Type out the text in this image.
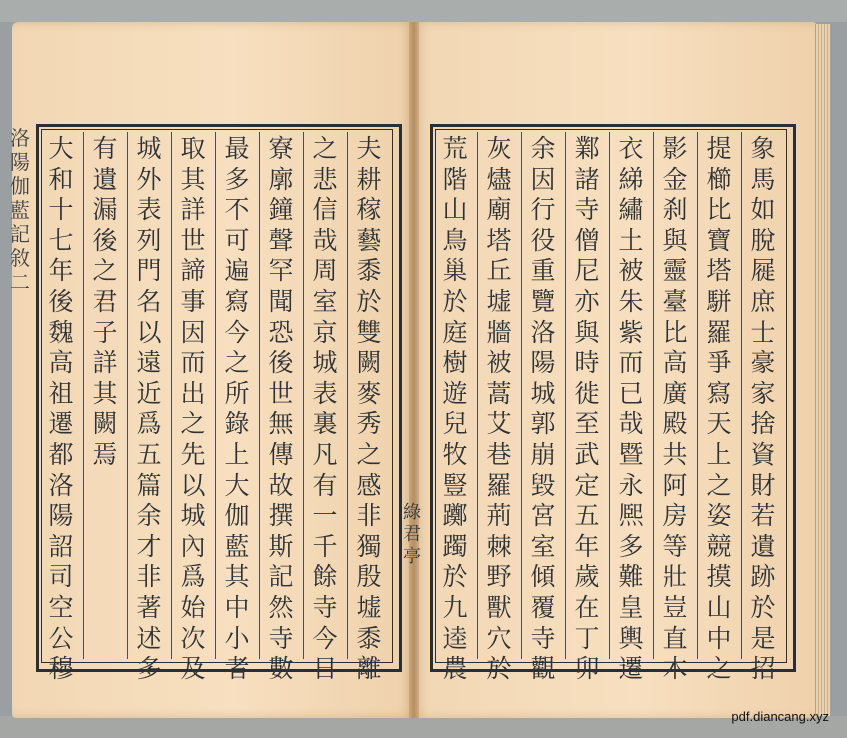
洛
陽
伽
藍
記
敘
二
綠
君
亭
象
馬
如
脫
屣
庶
士
豪
家
捨
資
財
若
遺
跡
於
是
招
提
櫛
比
寶
塔
駢
羅
爭
寫
天
上
之
姿
競
摸
山
中
之
影
金
刹
與
靈
臺
比
高
廣
殿
共
阿
房
等
壯
豈
直
木
衣
綈
繡
土
被
朱
紫
而
已
哉
暨
永
熈
多
難
皇
輿
遷
鄴
諸
寺
僧
尼
亦
與
時
徙
至
武
定
五
年
歲
在
丁
卯
余
因
行
役
重
覽
洛
陽
城
郭
崩
毀
宮
室
傾
覆
寺
觀
灰
燼
廟
塔
丘
墟
牆
被
蒿
艾
巷
羅
荊
棘
野
獸
穴
於
荒
階
山
鳥
巢
於
庭
樹
遊
兒
牧
豎
躑
躅
於
九
逵
農
夫
耕
稼
藝
黍
於
雙
闕
麥
秀
之
感
非
獨
殷
墟
黍
離
之
悲
信
哉
周
室
京
城
表
裏
凡
有
一
千
餘
寺
今
日
寮
廓
鐘
聲
罕
聞
恐
後
世
無
傳
故
撰
斯
記
然
寺
數
最
多
不
可
遍
寫
今
之
所
錄
上
大
伽
藍
其
中
小
者
取
其
詳
世
諦
事
因
而
出
之
先
以
城
內
爲
始
次
及
城
外
表
列
門
名
以
遠
近
爲
五
篇
余
才
非
著
述
多
有
遺
漏
後
之
君
子
詳
其
闕
焉
大
和
十
七
年
後
魏
高
祖
遷
都
洛
陽
詔
司
空
公
穆
pdf.diancang.xyz
